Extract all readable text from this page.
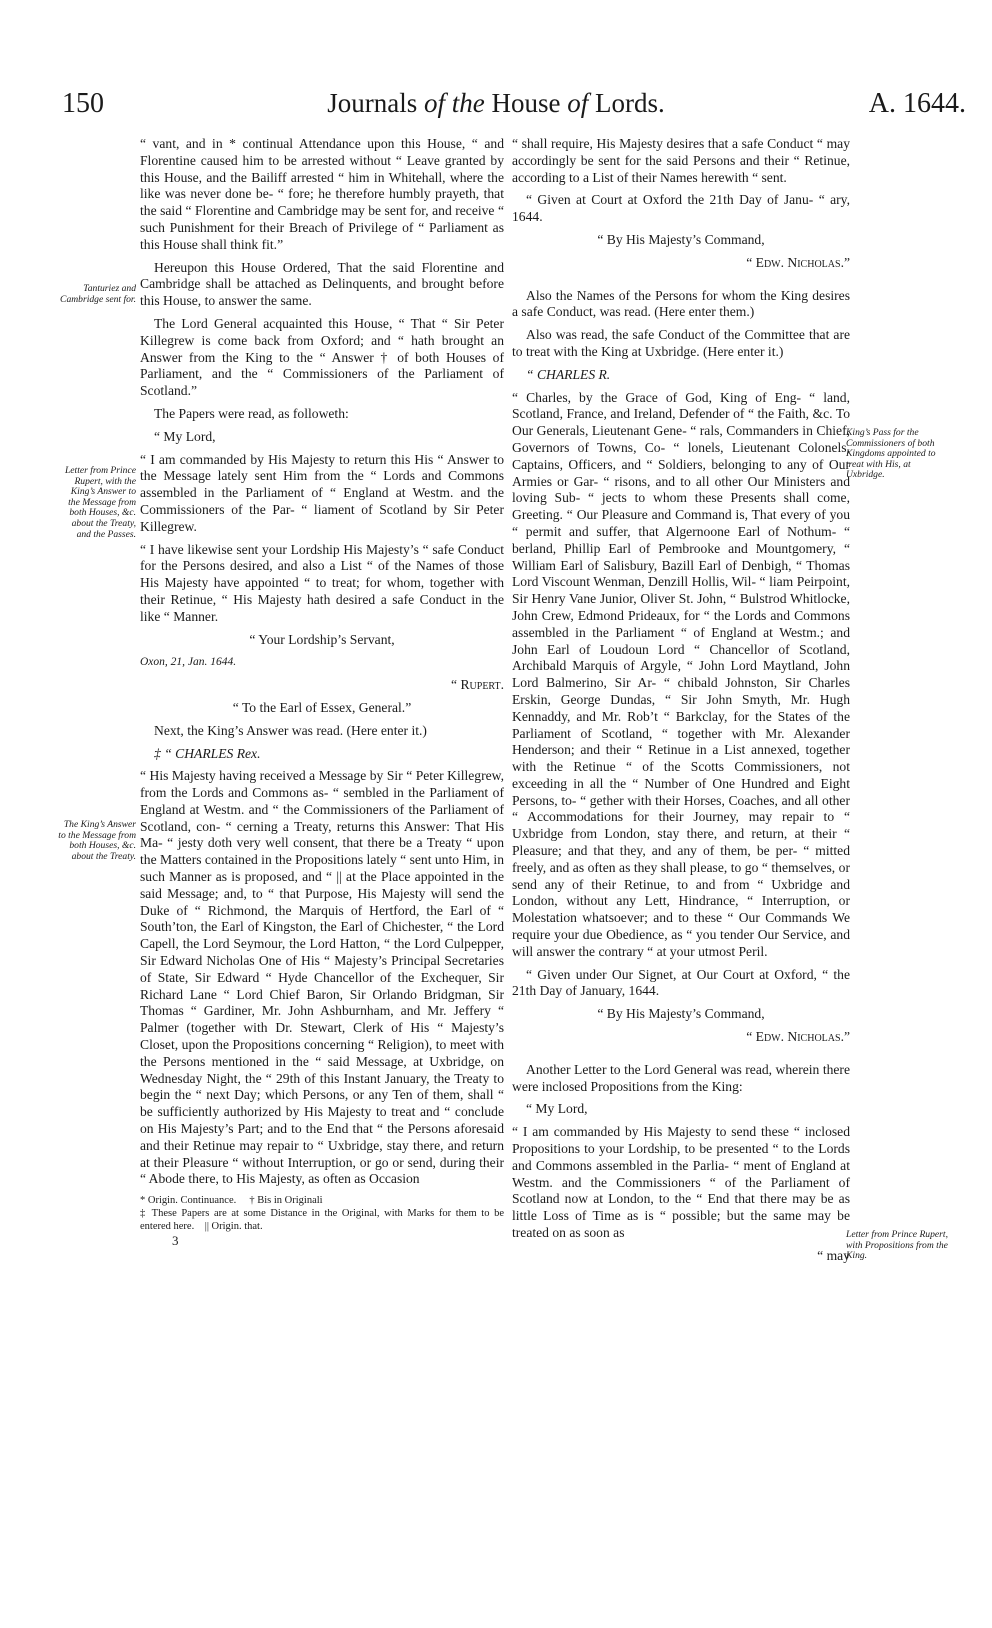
150	Journals of the House of Lords.	A. 1644.
Tanturiez and Cambridge sent for.
Letter from Prince Rupert, with the King’s Answer to the Message from both Houses, &c. about the Treaty, and the Passes.
The King’s Answer to the Message from both Houses, &c. about the Treaty.
King’s Pass for the Commissioners of both Kingdoms appointed to treat with His, at Uxbridge.
Letter from Prince Rupert, with Propositions from the King.

“ vant, and in * continual Attendance upon this House, “ and Florentine caused him to be arrested without “ Leave granted by this House, and the Bailiff arrested “ him in Whitehall, where the like was never done be- “ fore; he therefore humbly prayeth, that the said “ Florentine and Cambridge may be sent for, and receive “ such Punishment for their Breach of Privilege of “ Parliament as this House shall think fit.”

Hereupon this House Ordered, That the said Florentine and Cambridge shall be attached as Delinquents, and brought before this House, to answer the same.

The Lord General acquainted this House, “ That “ Sir Peter Killegrew is come back from Oxford; and “ hath brought an Answer from the King to the “ Answer † of both Houses of Parliament, and the “ Commissioners of the Parliament of Scotland.”

The Papers were read, as followeth:

“ My Lord,

“ I am commanded by His Majesty to return this His “ Answer to the Message lately sent Him from the “ Lords and Commons assembled in the Parliament of “ England at Westm. and the Commissioners of the Par- “ liament of Scotland by Sir Peter Killegrew.

“ I have likewise sent your Lordship His Majesty’s “ safe Conduct for the Persons desired, and also a List “ of the Names of those His Majesty have appointed “ to treat; for whom, together with their Retinue, “ His Majesty hath desired a safe Conduct in the like “ Manner.

“ Your Lordship’s Servant,

Oxon, 21, Jan. 1644.

“ Rupert.

“ To the Earl of Essex, General.”

Next, the King’s Answer was read. (Here enter it.)

‡ “ CHARLES Rex.

“ His Majesty having received a Message by Sir “ Peter Killegrew, from the Lords and Commons as- “ sembled in the Parliament of England at Westm. and “ the Commissioners of the Parliament of Scotland, con- “ cerning a Treaty, returns this Answer: That His Ma- “ jesty doth very well consent, that there be a Treaty “ upon the Matters contained in the Propositions lately “ sent unto Him, in such Manner as is proposed, and “ || at the Place appointed in the said Message; and, to “ that Purpose, His Majesty will send the Duke of “ Richmond, the Marquis of Hertford, the Earl of “ South’ton, the Earl of Kingston, the Earl of Chichester, “ the Lord Capell, the Lord Seymour, the Lord Hatton, “ the Lord Culpepper, Sir Edward Nicholas One of His “ Majesty’s Principal Secretaries of State, Sir Edward “ Hyde Chancellor of the Exchequer, Sir Richard Lane “ Lord Chief Baron, Sir Orlando Bridgman, Sir Thomas “ Gardiner, Mr. John Ashburnham, and Mr. Jeffery “ Palmer (together with Dr. Stewart, Clerk of His “ Majesty’s Closet, upon the Propositions concerning “ Religion), to meet with the Persons mentioned in the “ said Message, at Uxbridge, on Wednesday Night, the “ 29th of this Instant January, the Treaty to begin the “ next Day; which Persons, or any Ten of them, shall “ be sufficiently authorized by His Majesty to treat and “ conclude on His Majesty’s Part; and to the End that “ the Persons aforesaid and their Retinue may repair to “ Uxbridge, stay there, and return at their Pleasure “ without Interruption, or go or send, during their “ Abode there, to His Majesty, as often as Occasion

* Origin. Continuance. † Bis in Originali
‡ These Papers are at some Distance in the Original, with Marks for them to be entered here. || Origin. that.
3

“ shall require, His Majesty desires that a safe Conduct “ may accordingly be sent for the said Persons and their “ Retinue, according to a List of their Names herewith “ sent.

“ Given at Court at Oxford the 21th Day of Janu- “ ary, 1644.

“ By His Majesty’s Command,

“ Edw. Nicholas.”

Also the Names of the Persons for whom the King desires a safe Conduct, was read. (Here enter them.)

Also was read, the safe Conduct of the Committee that are to treat with the King at Uxbridge. (Here enter it.)

“ CHARLES R.

“ Charles, by the Grace of God, King of Eng- “ land, Scotland, France, and Ireland, Defender of “ the Faith, &c. To Our Generals, Lieutenant Gene- “ rals, Commanders in Chief, Governors of Towns, Co- “ lonels, Lieutenant Colonels, Captains, Officers, and “ Soldiers, belonging to any of Our Armies or Gar- “ risons, and to all other Our Ministers and loving Sub- “ jects to whom these Presents shall come, Greeting. “ Our Pleasure and Command is, That every of you “ permit and suffer, that Algernoone Earl of Nothum- “ berland, Phillip Earl of Pembrooke and Mountgomery, “ William Earl of Salisbury, Bazill Earl of Denbigh, “ Thomas Lord Viscount Wenman, Denzill Hollis, Wil- “ liam Peirpoint, Sir Henry Vane Junior, Oliver St. John, “ Bulstrod Whitlocke, John Crew, Edmond Prideaux, for “ the Lords and Commons assembled in the Parliament “ of England at Westm.; and John Earl of Loudoun Lord “ Chancellor of Scotland, Archibald Marquis of Argyle, “ John Lord Maytland, John Lord Balmerino, Sir Ar- “ chibald Johnston, Sir Charles Erskin, George Dundas, “ Sir John Smyth, Mr. Hugh Kennaddy, and Mr. Rob’t “ Barkclay, for the States of the Parliament of Scotland, “ together with Mr. Alexander Henderson; and their “ Retinue in a List annexed, together with the Retinue “ of the Scotts Commissioners, not exceeding in all the “ Number of One Hundred and Eight Persons, to- “ gether with their Horses, Coaches, and all other “ Accommodations for their Journey, may repair to “ Uxbridge from London, stay there, and return, at their “ Pleasure; and that they, and any of them, be per- “ mitted freely, and as often as they shall please, to go “ themselves, or send any of their Retinue, to and from “ Uxbridge and London, without any Lett, Hindrance, “ Interruption, or Molestation whatsoever; and to these “ Our Commands We require your due Obedience, as “ you tender Our Service, and will answer the contrary “ at your utmost Peril.

“ Given under Our Signet, at Our Court at Oxford, “ the 21th Day of January, 1644.

“ By His Majesty’s Command,

“ Edw. Nicholas.”

Another Letter to the Lord General was read, wherein there were inclosed Propositions from the King:

“ My Lord,

“ I am commanded by His Majesty to send these “ inclosed Propositions to your Lordship, to be presented “ to the Lords and Commons assembled in the Parlia- “ ment of England at Westm. and the Commissioners “ of the Parliament of Scotland now at London, to the “ End that there may be as little Loss of Time as is “ possible; but the same may be treated on as soon as

“ may
